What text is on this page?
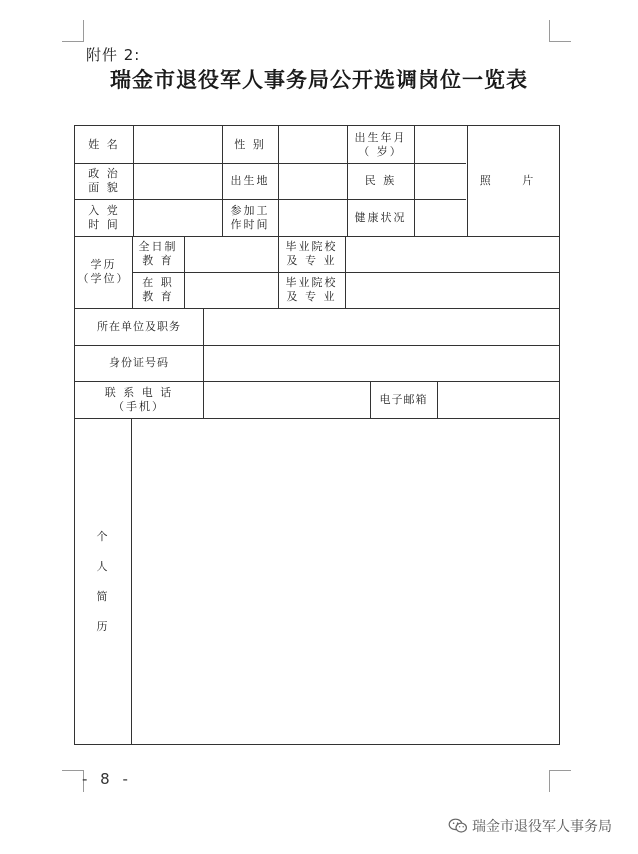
附件 2:
瑞金市退役军人事务局公开选调岗位一览表
姓 名	性 别
出生年月
（ 岁）
照 片
政 治
面 貌
出生地	民 族
入 党
时 间
参加工
作时间
健康状况
学历
（学位）
全日制
教 育
毕业院校
及 专 业
在 职
教 育
毕业院校
及 专 业
所在单位及职务
身份证号码
联 系 电 话
（手机）
电子邮箱
个
人
简
历
- 8 -
瑞金市退役军人事务局
